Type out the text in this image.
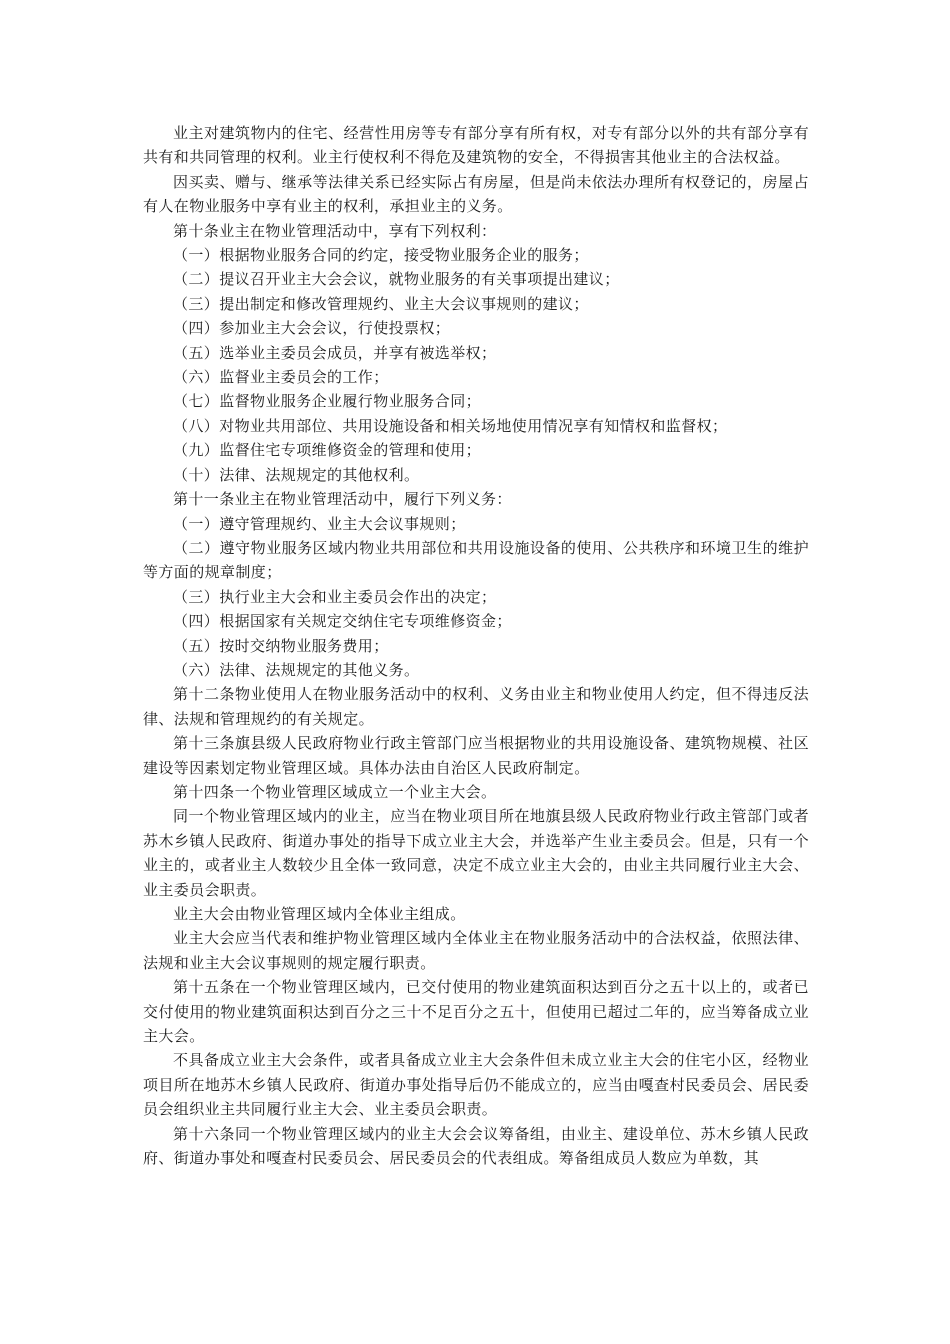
业主对建筑物内的住宅、经营性用房等专有部分享有所有权，对专有部分以外的共有部分享有共有和共同管理的权利。业主行使权利不得危及建筑物的安全，不得损害其他业主的合法权益。

因买卖、赠与、继承等法律关系已经实际占有房屋，但是尚未依法办理所有权登记的，房屋占有人在物业服务中享有业主的权利，承担业主的义务。

第十条业主在物业管理活动中，享有下列权利：

（一）根据物业服务合同的约定，接受物业服务企业的服务；

（二）提议召开业主大会会议，就物业服务的有关事项提出建议；

（三）提出制定和修改管理规约、业主大会议事规则的建议；

（四）参加业主大会会议，行使投票权；

（五）选举业主委员会成员，并享有被选举权；

（六）监督业主委员会的工作；

（七）监督物业服务企业履行物业服务合同；

（八）对物业共用部位、共用设施设备和相关场地使用情况享有知情权和监督权；

（九）监督住宅专项维修资金的管理和使用；

（十）法律、法规规定的其他权利。

第十一条业主在物业管理活动中，履行下列义务：

（一）遵守管理规约、业主大会议事规则；

（二）遵守物业服务区域内物业共用部位和共用设施设备的使用、公共秩序和环境卫生的维护等方面的规章制度；

（三）执行业主大会和业主委员会作出的决定；

（四）根据国家有关规定交纳住宅专项维修资金；

（五）按时交纳物业服务费用；

（六）法律、法规规定的其他义务。

第十二条物业使用人在物业服务活动中的权利、义务由业主和物业使用人约定，但不得违反法律、法规和管理规约的有关规定。

第十三条旗县级人民政府物业行政主管部门应当根据物业的共用设施设备、建筑物规模、社区建设等因素划定物业管理区域。具体办法由自治区人民政府制定。

第十四条一个物业管理区域成立一个业主大会。

同一个物业管理区域内的业主，应当在物业项目所在地旗县级人民政府物业行政主管部门或者苏木乡镇人民政府、街道办事处的指导下成立业主大会，并选举产生业主委员会。但是，只有一个业主的，或者业主人数较少且全体一致同意，决定不成立业主大会的，由业主共同履行业主大会、业主委员会职责。

业主大会由物业管理区域内全体业主组成。

业主大会应当代表和维护物业管理区域内全体业主在物业服务活动中的合法权益，依照法律、法规和业主大会议事规则的规定履行职责。

第十五条在一个物业管理区域内，已交付使用的物业建筑面积达到百分之五十以上的，或者已交付使用的物业建筑面积达到百分之三十不足百分之五十，但使用已超过二年的，应当筹备成立业主大会。

不具备成立业主大会条件，或者具备成立业主大会条件但未成立业主大会的住宅小区，经物业项目所在地苏木乡镇人民政府、街道办事处指导后仍不能成立的，应当由嘎查村民委员会、居民委员会组织业主共同履行业主大会、业主委员会职责。

第十六条同一个物业管理区域内的业主大会会议筹备组，由业主、建设单位、苏木乡镇人民政府、街道办事处和嘎查村民委员会、居民委员会的代表组成。筹备组成员人数应为单数，其
